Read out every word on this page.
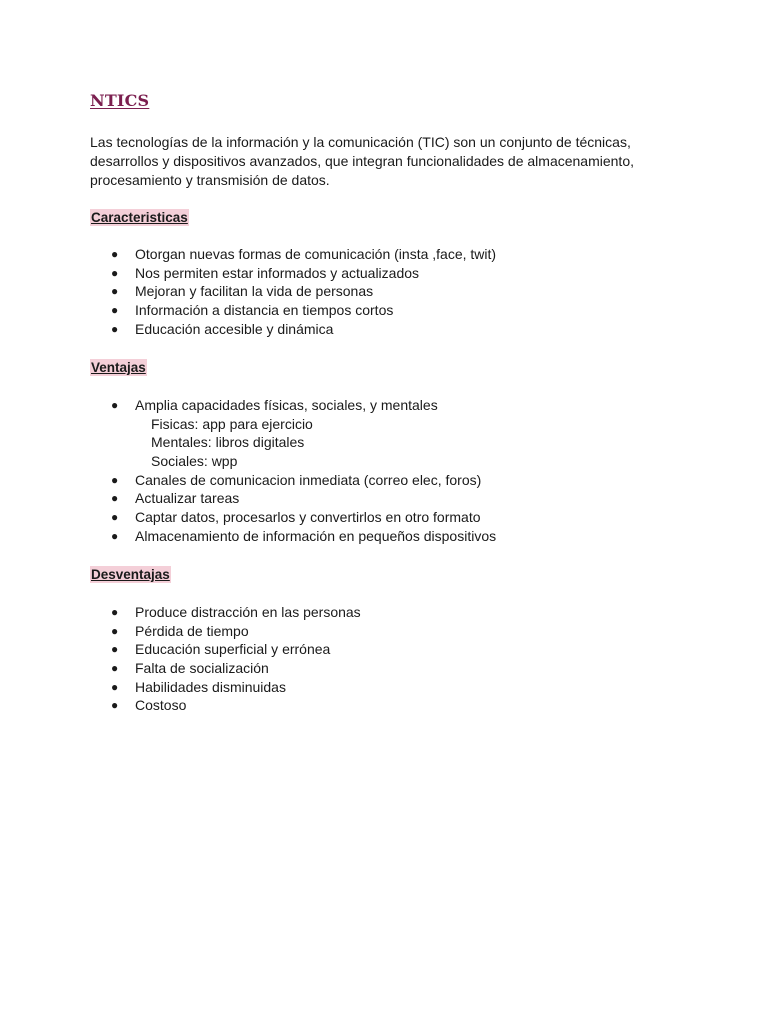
NTICS

Las tecnologías de la información y la comunicación (TIC) son un conjunto de técnicas,
desarrollos y dispositivos avanzados, que integran funcionalidades de almacenamiento,
procesamiento y transmisión de datos.

Caracteristicas
● Otorgan nuevas formas de comunicación (insta ,face, twit)
● Nos permiten estar informados y actualizados
● Mejoran y facilitan la vida de personas
● Información a distancia en tiempos cortos
● Educación accesible y dinámica
Ventajas
● Amplia capacidades físicas, sociales, y mentales
Fisicas: app para ejercicio
Mentales: libros digitales
Sociales: wpp
● Canales de comunicacion inmediata (correo elec, foros)
● Actualizar tareas
● Captar datos, procesarlos y convertirlos en otro formato
● Almacenamiento de información en pequeños dispositivos
Desventajas
● Produce distracción en las personas
● Pérdida de tiempo
● Educación superficial y errónea
● Falta de socialización
● Habilidades disminuidas
● Costoso
